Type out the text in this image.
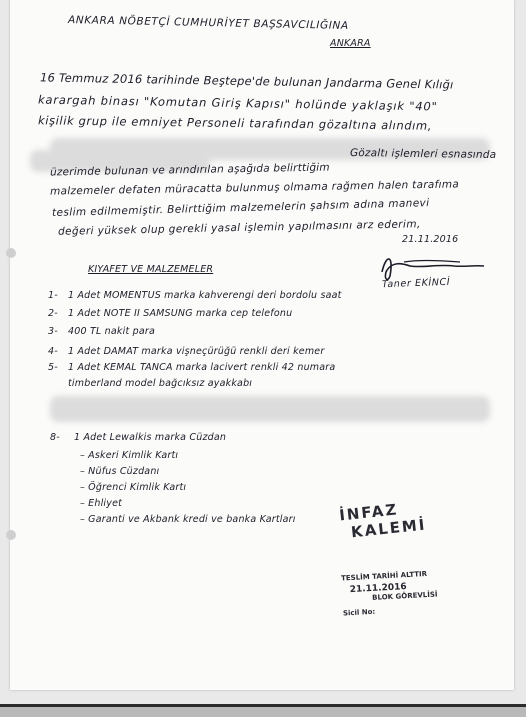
ANKARA NÖBETÇİ CUMHURİYET BAŞSAVCILIĞINA
ANKARA
16 Temmuz 2016 tarihinde Beştepe'de bulunan Jandarma Genel Kılığı
karargah binası "Komutan Giriş Kapısı" holünde yaklaşık "40"
kişilik grup ile emniyet Personeli tarafından gözaltına alındım,
Gözaltı işlemleri esnasında
üzerimde bulunan ve arındırılan aşağıda belirttiğim
malzemeler defaten müracatta bulunmuş olmama rağmen halen tarafıma
teslim edilmemiştir. Belirttiğim malzemelerin şahsım adına manevi
değeri yüksek olup gerekli yasal işlemin yapılmasını arz ederim,
21.11.2016
Taner EKİNCİ
KIYAFET VE MALZEMELER
1- 1 Adet MOMENTUS marka kahverengi deri bordolu saat
2- 1 Adet NOTE II SAMSUNG marka cep telefonu
3- 400 TL nakit para
4- 1 Adet DAMAT marka vişneçürüğü renkli deri kemer
5- 1 Adet KEMAL TANCA marka lacivert renkli 42 numara
timberland model bağcıksız ayakkabı
8- 1 Adet Lewalkis marka Cüzdan
– Askeri Kimlik Kartı
– Nüfus Cüzdanı
– Öğrenci Kimlik Kartı
– Ehliyet
– Garanti ve Akbank kredi ve banka Kartları	İNFAZ
KALEMİ
TESLİM TARİHİ ALTTIR
21.11.2016
BLOK GÖREVLİSİ
Sicil No:
